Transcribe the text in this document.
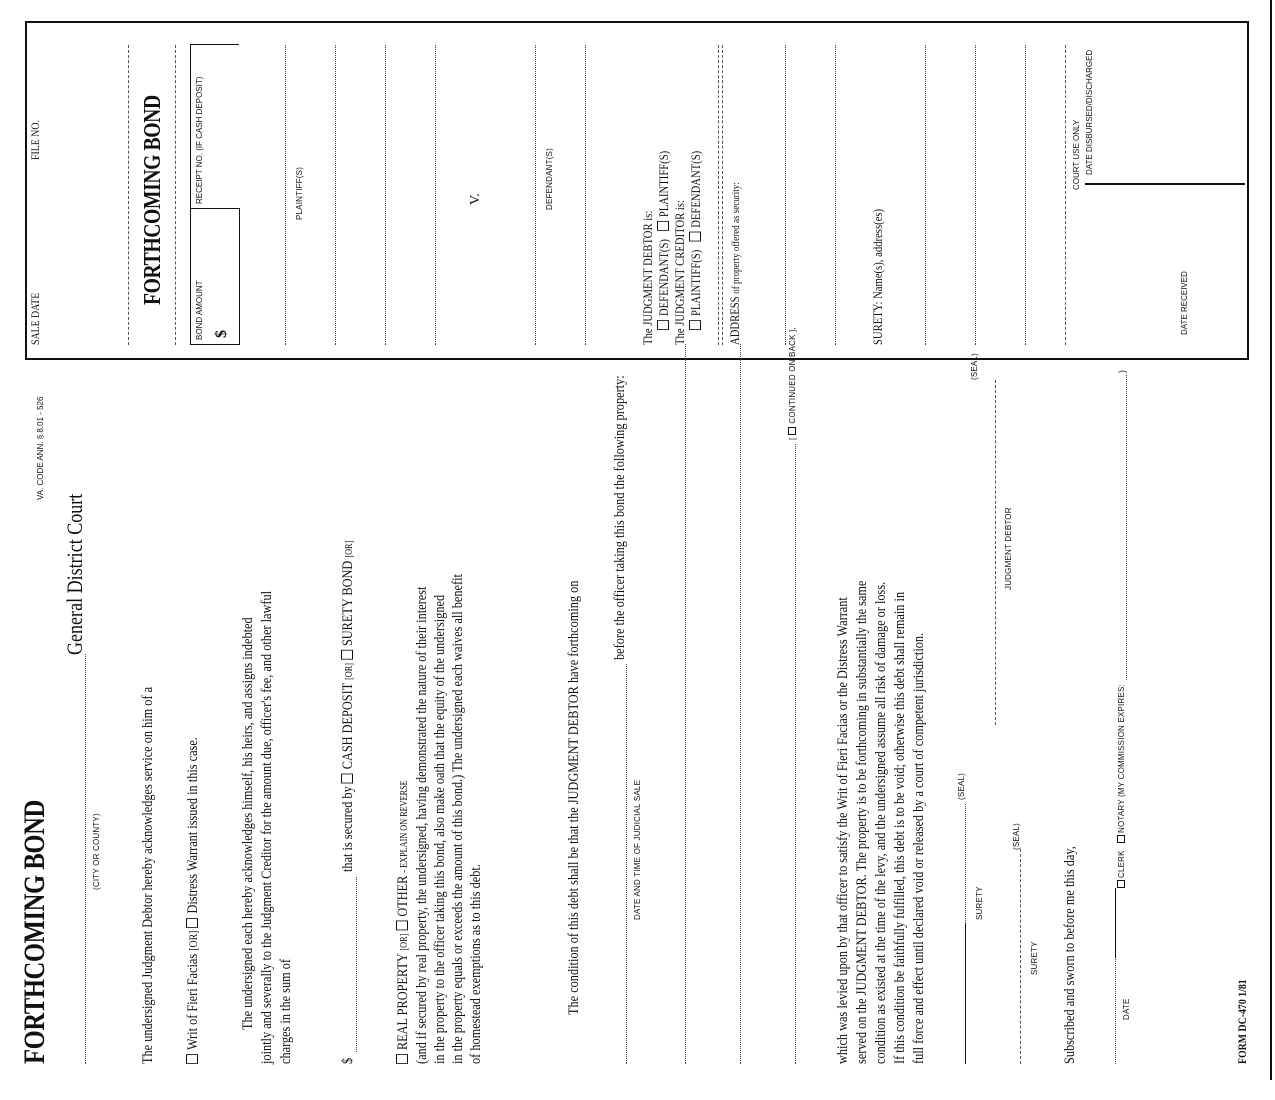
FORTHCOMING BOND	(CITY OR COUNTY)
General District Court
VA. CODE ANN. § 8.01 - 526
The undersigned Judgment Debtor hereby acknowledges service on him of a Writ of Fieri Facias [OR] Distress Warrant issued in this case.	The undersigned each hereby acknowledges himself, his heirs, and assigns indebted jointly and severally to the Judgment Creditor for the amount due, officer's fee, and other lawful charges in the sum of	$
that is secured by CASH DEPOSIT [OR] SURETY BOND [OR]
REAL PROPERTY [OR] OTHER - EXPLAIN ON REVERSE (and if secured by real property, the undersigned, having demonstrated the nature of their interest in the property to the officer taking this bond, also make oath that the equity of the undersigned in the property equals or exceeds the amount of this bond.) The undersigned each waives all benefit of homestead exemptions as to this debt.	The condition of this debt shall be that the JUDGMENT DEBTOR have forthcoming on	DATE AND TIME OF JUDICIAL SALE
before the officer taking this bond the following property:	[CONTINUED ON BACK ],
which was levied upon by that officer to satisfy the Writ of Fieri Facias or the Distress Warrant served on the JUDGMENT DEBTOR. The property is to be forthcoming in substantially the same condition as existed at the time of the levy, and the undersigned assume all risk of damage or loss. If this condition be faithfully fulfilled, this debt is to be void; otherwise this debt shall remain in full force and effect until declared void or released by a court of competent jurisdiction.	(SEAL)
SURETY
(SEAL)
JUDGMENT DEBTOR
(SEAL)
SURETY Subscribed and sworn to before me this day,	DATE
CLERK   NOTARY (MY COMMISSION EXPIRES:
)
FORM DC-470 1/81
SALE DATE
FILE NO.	FORTHCOMING BOND
BOND AMOUNT $
RECEIPT NO. (IF CASH DEPOSIT)	PLAINTIFF(S)	V.	DEFENDANT(S)
The JUDGMENT DEBTOR is: DEFENDANT(S)   PLAINTIFF(S)
The JUDGMENT CREDITOR is: PLAINTIFF(S)   DEFENDANT(S)
ADDRESS of property offered as security:	SURETY: Name(s), address(es)
COURT USE ONLY
DATE RECEIVED
DATE DISBURSED/DISCHARGED
